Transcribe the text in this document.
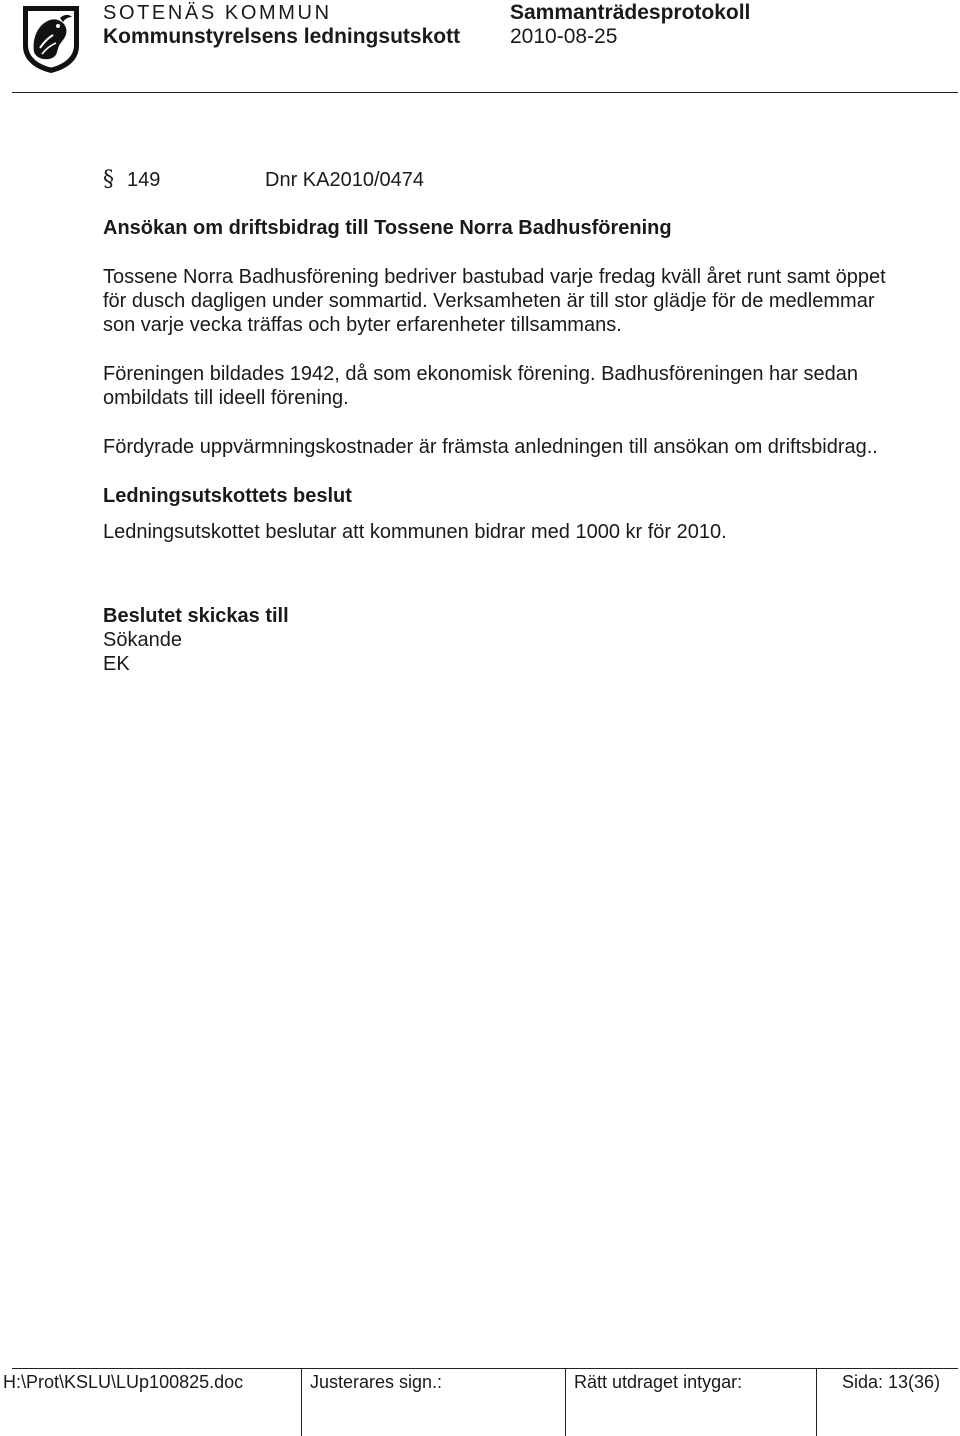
SOTENÄS KOMMUN	Sammanträdesprotokoll
Kommunstyrelsens ledningsutskott 2010-08-25
§ 149	Dnr KA2010/0474

Ansökan om driftsbidrag till Tossene Norra Badhusförening

Tossene Norra Badhusförening bedriver bastubad varje fredag kväll året runt samt öppet för dusch dagligen under sommartid. Verksamheten är till stor glädje för de medlemmar son varje vecka träffas och byter erfarenheter tillsammans.

Föreningen bildades 1942, då som ekonomisk förening. Badhusföreningen har sedan ombildats till ideell förening.

Fördyrade uppvärmningskostnader är främsta anledningen till ansökan om driftsbidrag..

Ledningsutskottets beslut

Ledningsutskottet beslutar att kommunen bidrar med 1000 kr för 2010.

Beslutet skickas till

Sökande

EK

H:\Prot\KSLU\LUp100825.doc	Justerares sign.:	Rätt utdraget intygar:	Sida: 13(36)
